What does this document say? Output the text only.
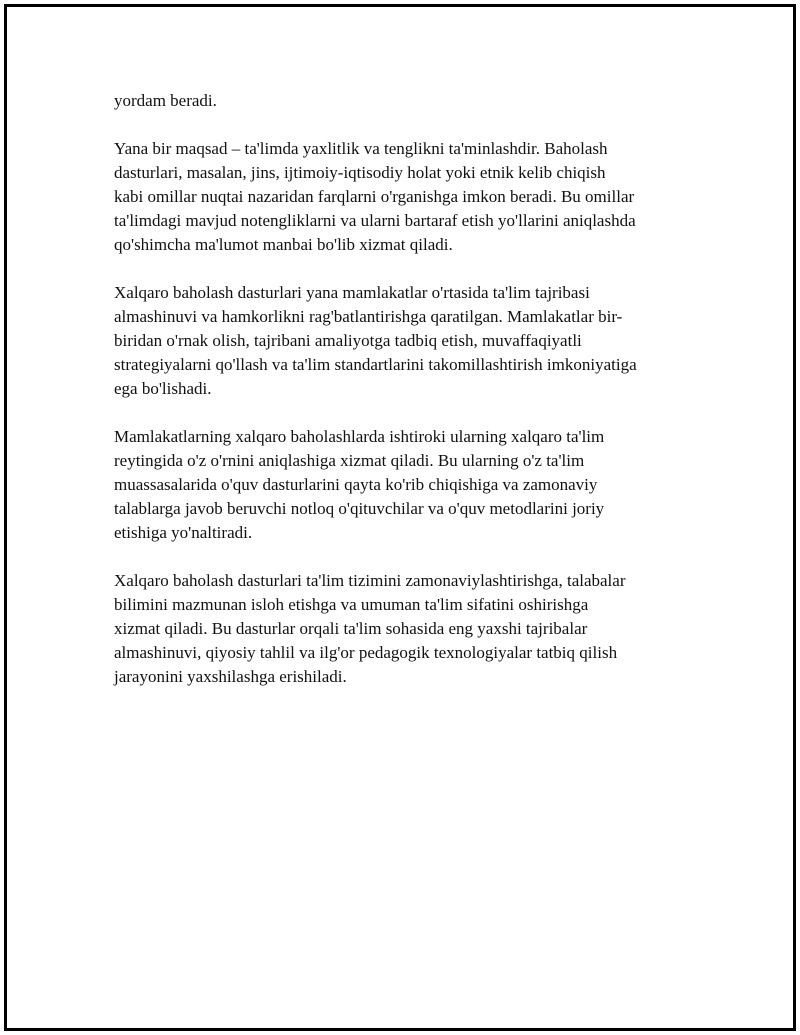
yordam beradi.

Yana bir maqsad – ta'limda yaxlitlik va tenglikni ta'minlashdir. Baholash
dasturlari, masalan, jins, ijtimoiy-iqtisodiy holat yoki etnik kelib chiqish
kabi omillar nuqtai nazaridan farqlarni o'rganishga imkon beradi. Bu omillar
ta'limdagi mavjud notengliklarni va ularni bartaraf etish yo'llarini aniqlashda
qo'shimcha ma'lumot manbai bo'lib xizmat qiladi.

Xalqaro baholash dasturlari yana mamlakatlar o'rtasida ta'lim tajribasi
almashinuvi va hamkorlikni rag'batlantirishga qaratilgan. Mamlakatlar bir-
biridan o'rnak olish, tajribani amaliyotga tadbiq etish, muvaffaqiyatli
strategiyalarni qo'llash va ta'lim standartlarini takomillashtirish imkoniyatiga
ega bo'lishadi.

Mamlakatlarning xalqaro baholashlarda ishtiroki ularning xalqaro ta'lim
reytingida o'z o'rnini aniqlashiga xizmat qiladi. Bu ularning o'z ta'lim
muassasalarida o'quv dasturlarini qayta ko'rib chiqishiga va zamonaviy
talablarga javob beruvchi notloq o'qituvchilar va o'quv metodlarini joriy
etishiga yo'naltiradi.

Xalqaro baholash dasturlari ta'lim tizimini zamonaviylashtirishga, talabalar
bilimini mazmunan isloh etishga va umuman ta'lim sifatini oshirishga
xizmat qiladi. Bu dasturlar orqali ta'lim sohasida eng yaxshi tajribalar
almashinuvi, qiyosiy tahlil va ilg'or pedagogik texnologiyalar tatbiq qilish
jarayonini yaxshilashga erishiladi.
